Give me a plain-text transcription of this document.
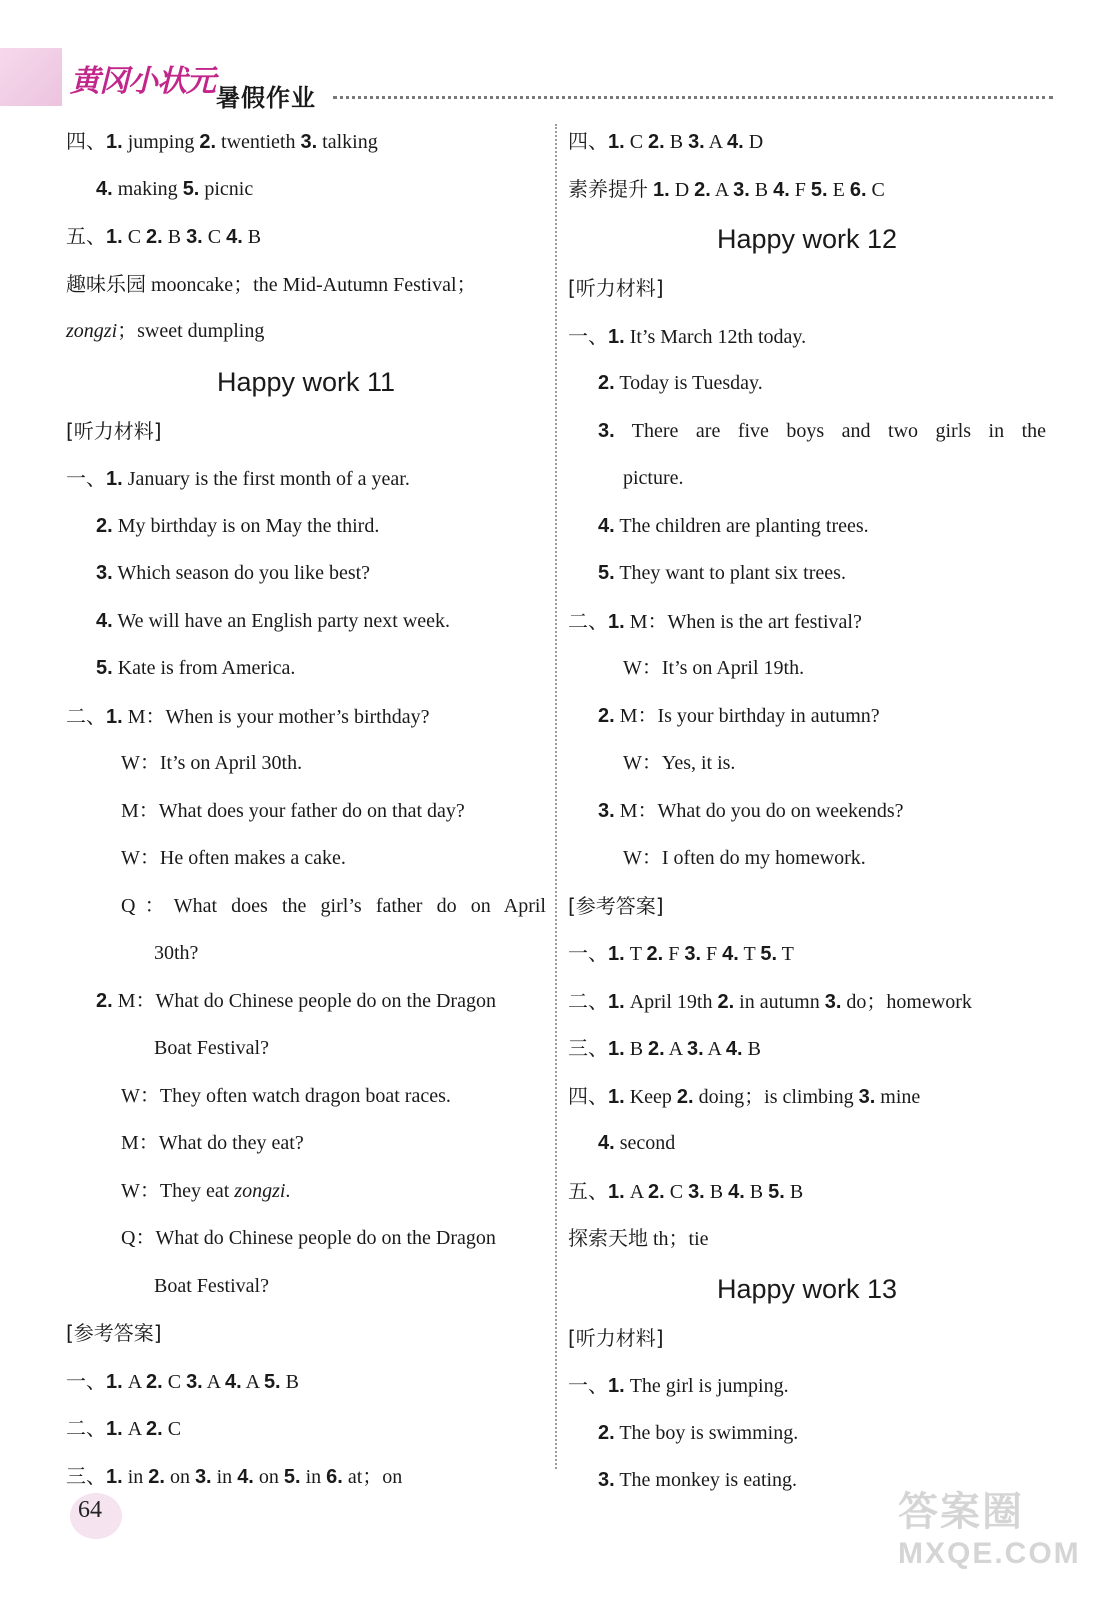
黄冈小状元 暑假作业
四、1. jumping 2. twentieth 3. talking
4. making 5. picnic
五、1. C 2. B 3. C 4. B
趣味乐园 mooncake；the Mid-Autumn Festival；
zongzi；sweet dumpling
Happy work 11
[听力材料]
一、1. January is the first month of a year.
2. My birthday is on May the third.
3. Which season do you like best?
4. We will have an English party next week.
5. Kate is from America.
二、1. M：When is your mother’s birthday?
W：It’s on April 30th.
M：What does your father do on that day?
W：He often makes a cake.
Q：What does the girl’s father do on April
30th?
2. M：What do Chinese people do on the Dragon
Boat Festival?
W：They often watch dragon boat races.
M：What do they eat?
W：They eat zongzi.
Q：What do Chinese people do on the Dragon
Boat Festival?
[参考答案]
一、1. A 2. C 3. A 4. A 5. B
二、1. A 2. C
三、1. in 2. on 3. in 4. on 5. in 6. at；on
四、1. C 2. B 3. A 4. D
素养提升 1. D 2. A 3. B 4. F 5. E 6. C
Happy work 12
[听力材料]
一、1. It’s March 12th today.
2. Today is Tuesday.
3. There are five boys and two girls in the
picture.
4. The children are planting trees.
5. They want to plant six trees.
二、1. M：When is the art festival?
W：It’s on April 19th.
2. M：Is your birthday in autumn?
W：Yes, it is.
3. M：What do you do on weekends?
W：I often do my homework.
[参考答案]
一、1. T 2. F 3. F 4. T 5. T
二、1. April 19th 2. in autumn 3. do；homework
三、1. B 2. A 3. A 4. B
四、1. Keep 2. doing；is climbing 3. mine
4. second
五、1. A 2. C 3. B 4. B 5. B
探索天地 th；tie
Happy work 13
[听力材料]
一、1. The girl is jumping.
2. The boy is swimming.
3. The monkey is eating.
64	答案圈
MXQE.COM
